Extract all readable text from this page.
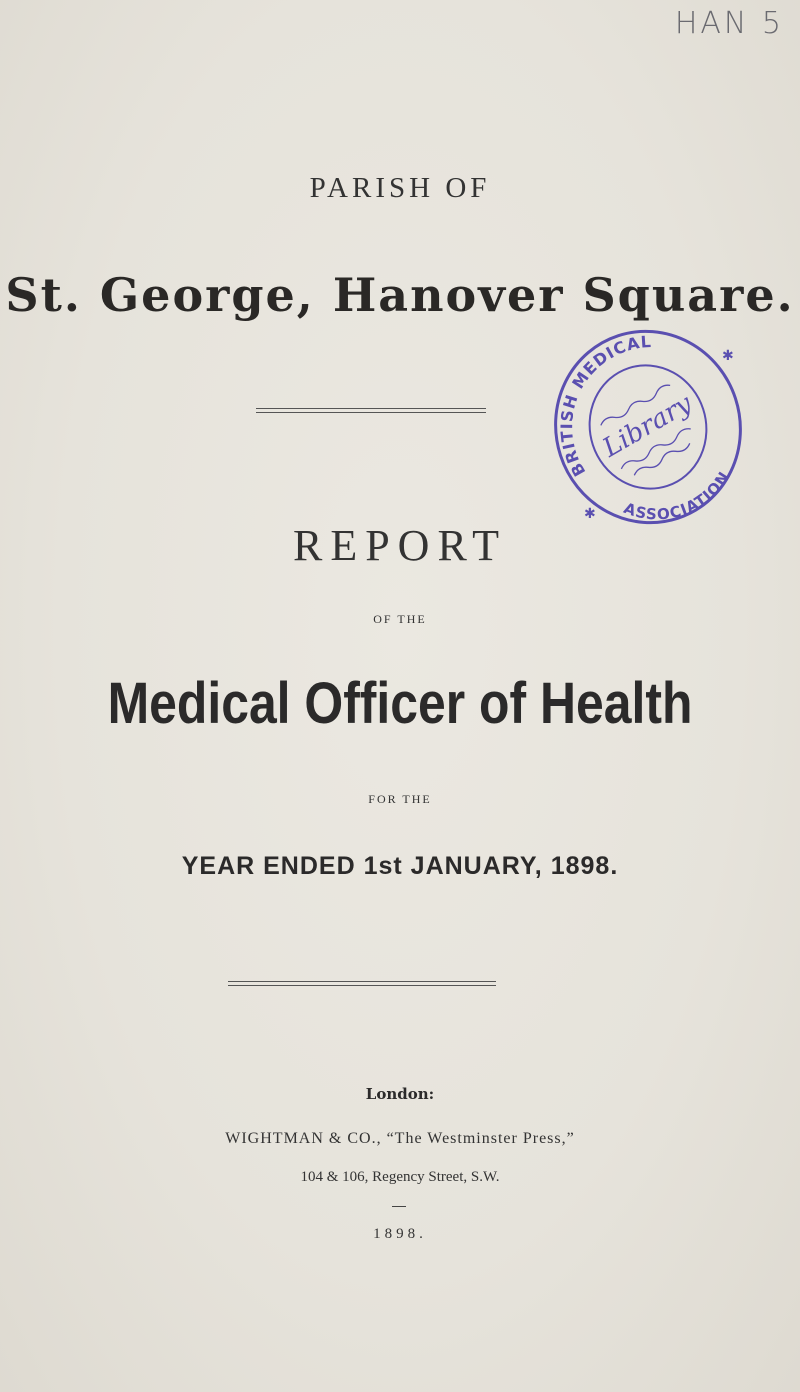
HAN 5
PARISH OF
St. George, Hanover Square.
BRITISH MEDICAL
ASSOCIATION
Library
✱
✱
REPORT
OF THE
Medical Officer of Health
FOR THE
YEAR ENDED 1st JANUARY, 1898.
London:
WIGHTMAN & CO., “The Westminster Press,”
104 & 106, Regency Street, S.W.
1898.
